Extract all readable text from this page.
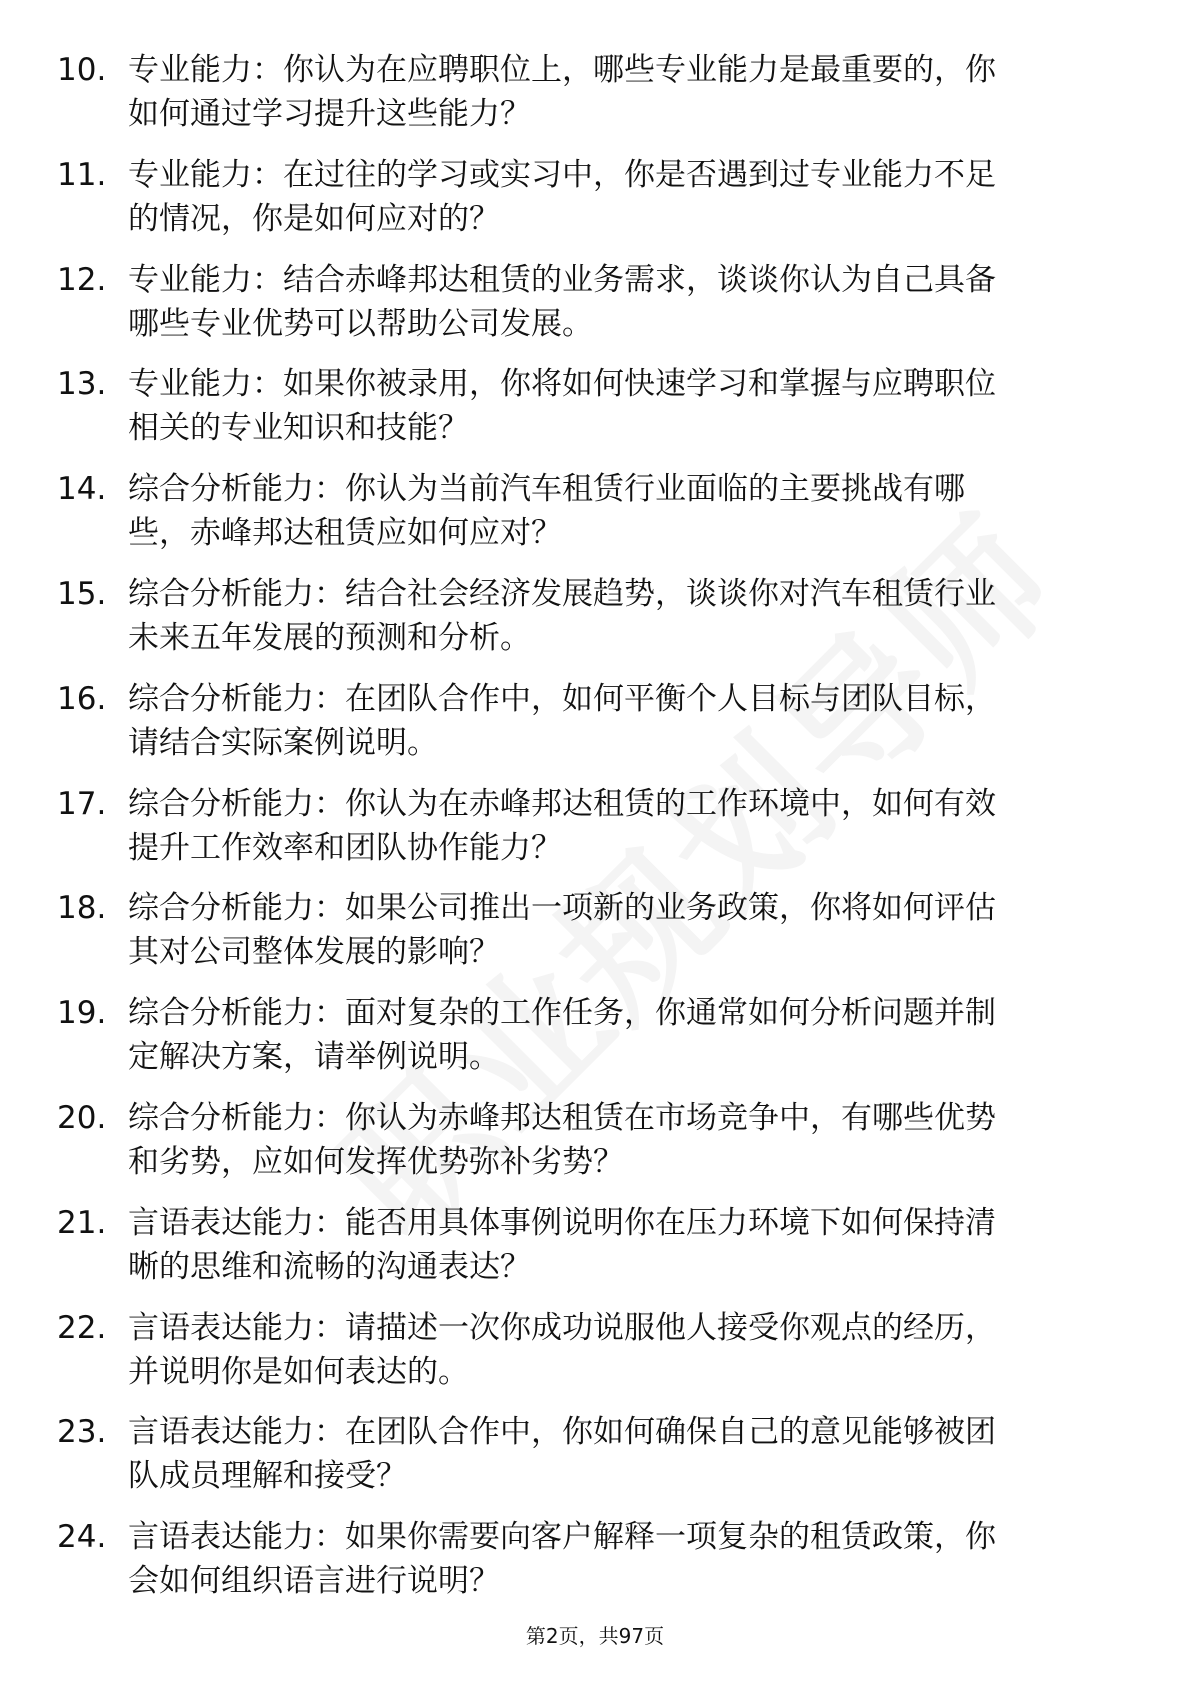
10. 专业能力：你认为在应聘职位上，哪些专业能力是最重要的，你
如何通过学习提升这些能力？
11. 专业能力：在过往的学习或实习中，你是否遇到过专业能力不足
的情况，你是如何应对的？
12. 专业能力：结合赤峰邦达租赁的业务需求，谈谈你认为自己具备
哪些专业优势可以帮助公司发展。
13. 专业能力：如果你被录用，你将如何快速学习和掌握与应聘职位
相关的专业知识和技能？
14. 综合分析能力：你认为当前汽车租赁行业面临的主要挑战有哪
些，赤峰邦达租赁应如何应对？
15. 综合分析能力：结合社会经济发展趋势，谈谈你对汽车租赁行业
未来五年发展的预测和分析。
16. 综合分析能力：在团队合作中，如何平衡个人目标与团队目标，
请结合实际案例说明。
17. 综合分析能力：你认为在赤峰邦达租赁的工作环境中，如何有效
提升工作效率和团队协作能力？
18. 综合分析能力：如果公司推出一项新的业务政策，你将如何评估
其对公司整体发展的影响？
19. 综合分析能力：面对复杂的工作任务，你通常如何分析问题并制
定解决方案，请举例说明。
20. 综合分析能力：你认为赤峰邦达租赁在市场竞争中，有哪些优势
和劣势，应如何发挥优势弥补劣势？
21. 言语表达能力：能否用具体事例说明你在压力环境下如何保持清
晰的思维和流畅的沟通表达？
22. 言语表达能力：请描述一次你成功说服他人接受你观点的经历，
并说明你是如何表达的。
23. 言语表达能力：在团队合作中，你如何确保自己的意见能够被团
队成员理解和接受？
24. 言语表达能力：如果你需要向客户解释一项复杂的租赁政策，你
会如何组织语言进行说明？
第2页，共97页
